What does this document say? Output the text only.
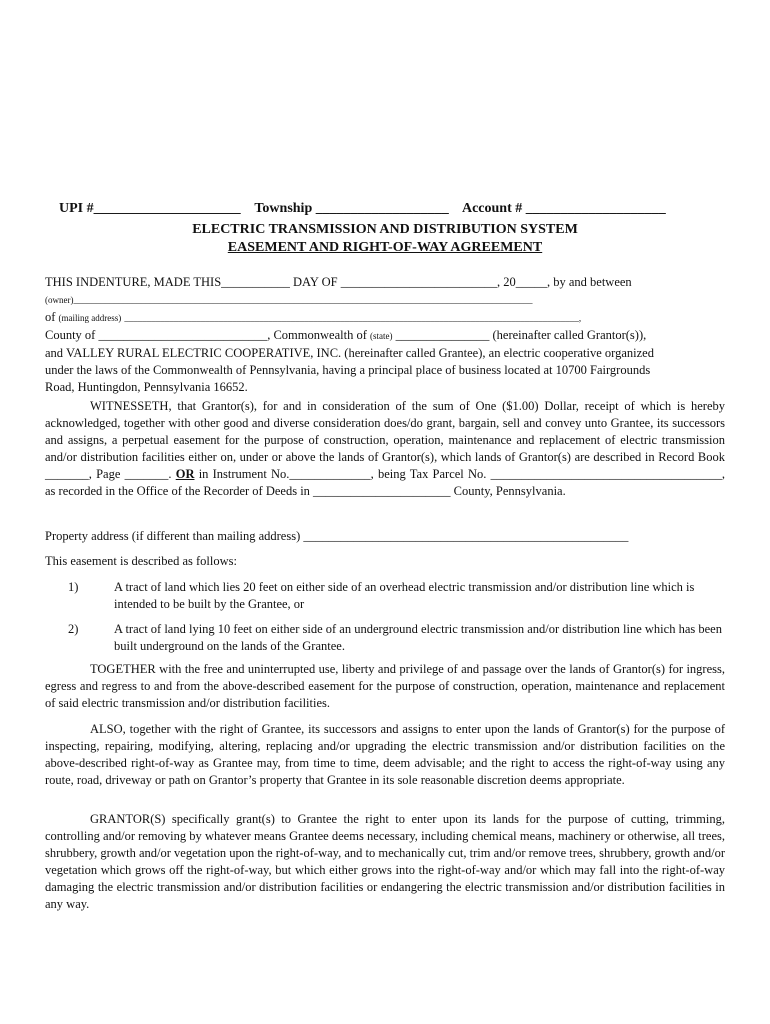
UPI #_____________________ Township ___________________ Account # ____________________

ELECTRIC TRANSMISSION AND DISTRIBUTION SYSTEM
EASEMENT AND RIGHT-OF-WAY AGREEMENT
THIS INDENTURE, MADE THIS___________ DAY OF _________________________, 20_____, by and between
(owner)______________________________________________________________________________________________________
of (mailing address) _____________________________________________________________________________________________________,
County of ___________________________, Commonwealth of (state) _______________ (hereinafter called Grantor(s)),
and VALLEY RURAL ELECTRIC COOPERATIVE, INC. (hereinafter called Grantee), an electric cooperative organized
under the laws of the Commonwealth of Pennsylvania, having a principal place of business located at 10700 Fairgrounds
Road, Huntingdon, Pennsylvania 16652.
WITNESSETH, that Grantor(s), for and in consideration of the sum of One ($1.00) Dollar, receipt of which is hereby acknowledged, together with other good and diverse consideration does/do grant, bargain, sell and convey unto Grantee, its successors and assigns, a perpetual easement for the purpose of construction, operation, maintenance and replacement of electric transmission and/or distribution facilities either on, under or above the lands of Grantor(s), which lands of Grantor(s) are described in Record Book _______, Page _______. OR in Instrument No._____________, being Tax Parcel No. _____________________________________, as recorded in the Office of the Recorder of Deeds in ______________________ County, Pennsylvania.
Property address (if different than mailing address) ____________________________________________________
This easement is described as follows:
1)	A tract of land which lies 20 feet on either side of an overhead electric transmission and/or distribution line which is intended to be built by the Grantee, or
2)	A tract of land lying 10 feet on either side of an underground electric transmission and/or distribution line which has been built underground on the lands of the Grantee.
TOGETHER with the free and uninterrupted use, liberty and privilege of and passage over the lands of Grantor(s) for ingress, egress and regress to and from the above-described easement for the purpose of construction, operation, maintenance and replacement of said electric transmission and/or distribution facilities.
ALSO, together with the right of Grantee, its successors and assigns to enter upon the lands of Grantor(s) for the purpose of inspecting, repairing, modifying, altering, replacing and/or upgrading the electric transmission and/or distribution facilities on the above-described right-of-way as Grantee may, from time to time, deem advisable; and the right to access the right-of-way using any route, road, driveway or path on Grantor’s property that Grantee in its sole reasonable discretion deems appropriate.
GRANTOR(S) specifically grant(s) to Grantee the right to enter upon its lands for the purpose of cutting, trimming, controlling and/or removing by whatever means Grantee deems necessary, including chemical means, machinery or otherwise, all trees, shrubbery, growth and/or vegetation upon the right-of-way, and to mechanically cut, trim and/or remove trees, shrubbery, growth and/or vegetation which grows off the right-of-way, but which either grows into the right-of-way and/or which may fall into the right-of-way damaging the electric transmission and/or distribution facilities or endangering the electric transmission and/or distribution facilities in any way.
